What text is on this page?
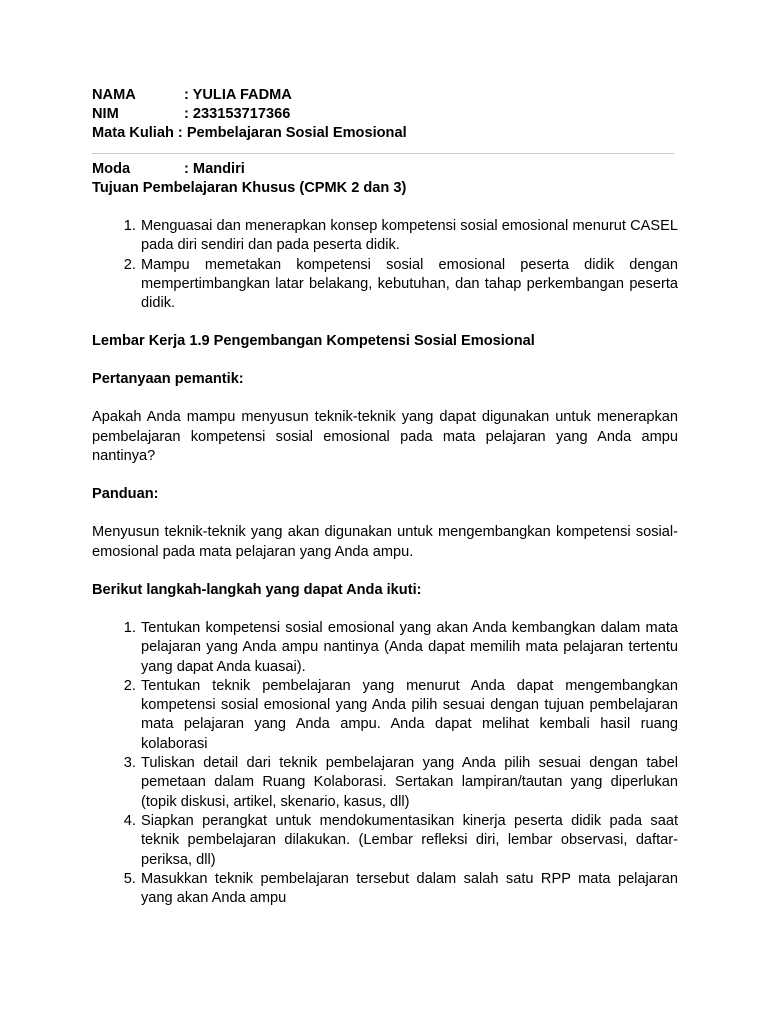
NAMA	: YULIA FADMA
NIM	: 233153717366
Mata Kuliah : Pembelajaran Sosial Emosional
Moda	: Mandiri
Tujuan Pembelajaran Khusus (CPMK 2 dan 3)
1. Menguasai dan menerapkan konsep kompetensi sosial emosional menurut CASEL pada diri sendiri dan pada peserta didik.
2. Mampu memetakan kompetensi sosial emosional peserta didik dengan mempertimbangkan latar belakang, kebutuhan, dan tahap perkembangan peserta didik.
Lembar Kerja 1.9 Pengembangan Kompetensi Sosial Emosional
Pertanyaan pemantik:

Apakah Anda mampu menyusun teknik-teknik yang dapat digunakan untuk menerapkan pembelajaran kompetensi sosial emosional pada mata pelajaran yang Anda ampu nantinya?

Panduan:

Menyusun teknik-teknik yang akan digunakan untuk mengembangkan kompetensi sosial-emosional pada mata pelajaran yang Anda ampu.

Berikut langkah-langkah yang dapat Anda ikuti:
1. Tentukan kompetensi sosial emosional yang akan Anda kembangkan dalam mata pelajaran yang Anda ampu nantinya (Anda dapat memilih mata pelajaran tertentu yang dapat Anda kuasai).
2. Tentukan teknik pembelajaran yang menurut Anda dapat mengembangkan kompetensi sosial emosional yang Anda pilih sesuai dengan tujuan pembelajaran mata pelajaran yang Anda ampu. Anda dapat melihat kembali hasil ruang kolaborasi
3. Tuliskan detail dari teknik pembelajaran yang Anda pilih sesuai dengan tabel pemetaan dalam Ruang Kolaborasi. Sertakan lampiran/tautan yang diperlukan (topik diskusi, artikel, skenario, kasus, dll)
4. Siapkan perangkat untuk mendokumentasikan kinerja peserta didik pada saat teknik pembelajaran dilakukan. (Lembar refleksi diri, lembar observasi, daftar-periksa, dll)
5. Masukkan teknik pembelajaran tersebut dalam salah satu RPP mata pelajaran yang akan Anda ampu
